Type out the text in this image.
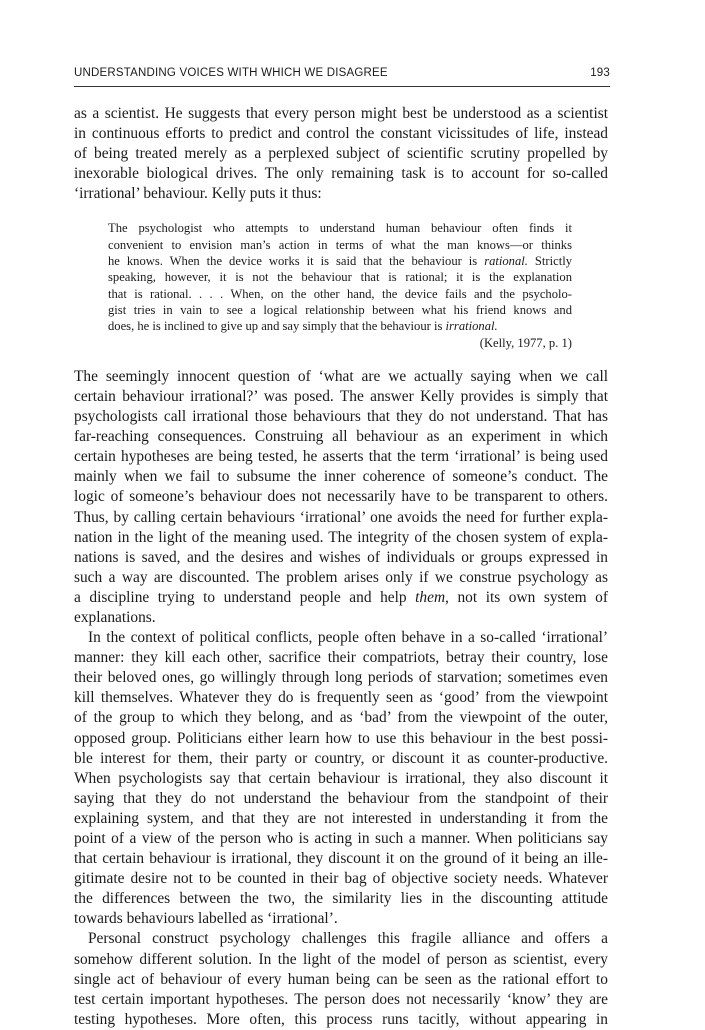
UNDERSTANDING VOICES WITH WHICH WE DISAGREE	193
as a scientist. He suggests that every person might best be understood as a scientist
in continuous efforts to predict and control the constant vicissitudes of life, instead
of being treated merely as a perplexed subject of scientific scrutiny propelled by
inexorable biological drives. The only remaining task is to account for so-called
‘irrational’ behaviour. Kelly puts it thus:
The psychologist who attempts to understand human behaviour often finds it
convenient to envision man’s action in terms of what the man knows—or thinks
he knows. When the device works it is said that the behaviour is rational. Strictly
speaking, however, it is not the behaviour that is rational; it is the explanation
that is rational. . . . When, on the other hand, the device fails and the psycholo-
gist tries in vain to see a logical relationship between what his friend knows and
does, he is inclined to give up and say simply that the behaviour is irrational.
(Kelly, 1977, p. 1)
The seemingly innocent question of ‘what are we actually saying when we call
certain behaviour irrational?’ was posed. The answer Kelly provides is simply that
psychologists call irrational those behaviours that they do not understand. That has
far-reaching consequences. Construing all behaviour as an experiment in which
certain hypotheses are being tested, he asserts that the term ‘irrational’ is being used
mainly when we fail to subsume the inner coherence of someone’s conduct. The
logic of someone’s behaviour does not necessarily have to be transparent to others.
Thus, by calling certain behaviours ‘irrational’ one avoids the need for further expla-
nation in the light of the meaning used. The integrity of the chosen system of expla-
nations is saved, and the desires and wishes of individuals or groups expressed in
such a way are discounted. The problem arises only if we construe psychology as
a discipline trying to understand people and help them, not its own system of
explanations.
In the context of political conflicts, people often behave in a so-called ‘irrational’
manner: they kill each other, sacrifice their compatriots, betray their country, lose
their beloved ones, go willingly through long periods of starvation; sometimes even
kill themselves. Whatever they do is frequently seen as ‘good’ from the viewpoint
of the group to which they belong, and as ‘bad’ from the viewpoint of the outer,
opposed group. Politicians either learn how to use this behaviour in the best possi-
ble interest for them, their party or country, or discount it as counter-productive.
When psychologists say that certain behaviour is irrational, they also discount it
saying that they do not understand the behaviour from the standpoint of their
explaining system, and that they are not interested in understanding it from the
point of a view of the person who is acting in such a manner. When politicians say
that certain behaviour is irrational, they discount it on the ground of it being an ille-
gitimate desire not to be counted in their bag of objective society needs. Whatever
the differences between the two, the similarity lies in the discounting attitude
towards behaviours labelled as ‘irrational’.
Personal construct psychology challenges this fragile alliance and offers a
somehow different solution. In the light of the model of person as scientist, every
single act of behaviour of every human being can be seen as the rational effort to
test certain important hypotheses. The person does not necessarily ‘know’ they are
testing hypotheses. More often, this process runs tacitly, without appearing in
